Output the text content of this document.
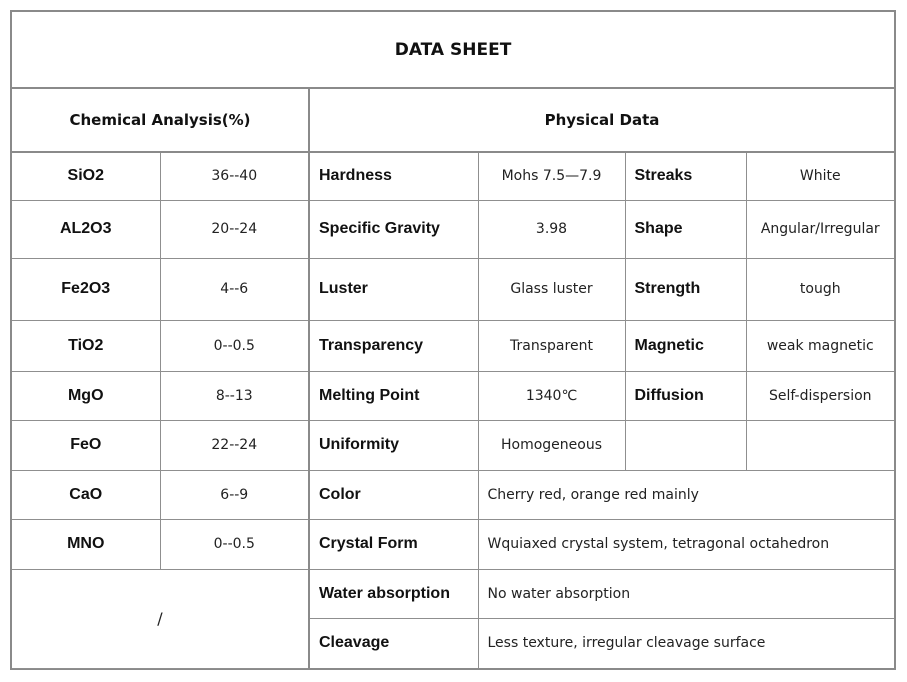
DATA SHEET					
Chemical Analysis(%)		Physical Data			
SiO2	36--40	Hardness	Mohs 7.5—7.9	Streaks	White
AL2O3	20--24	Specific Gravity	3.98	Shape	Angular/Irregular
Fe2O3	4--6	Luster	Glass luster	Strength	tough
TiO2	0--0.5	Transparency	Transparent	Magnetic	weak magnetic
MgO	8--13	Melting Point	1340℃	Diffusion	Self-dispersion
FeO	22--24	Uniformity	Homogeneous		
CaO	6--9	Color	Cherry red, orange red mainly		
MNO	0--0.5	Crystal Form	Wquiaxed crystal system, tetragonal octahedron		
/		Water absorption	No water absorption		
		Cleavage	Less texture, irregular cleavage surface		
